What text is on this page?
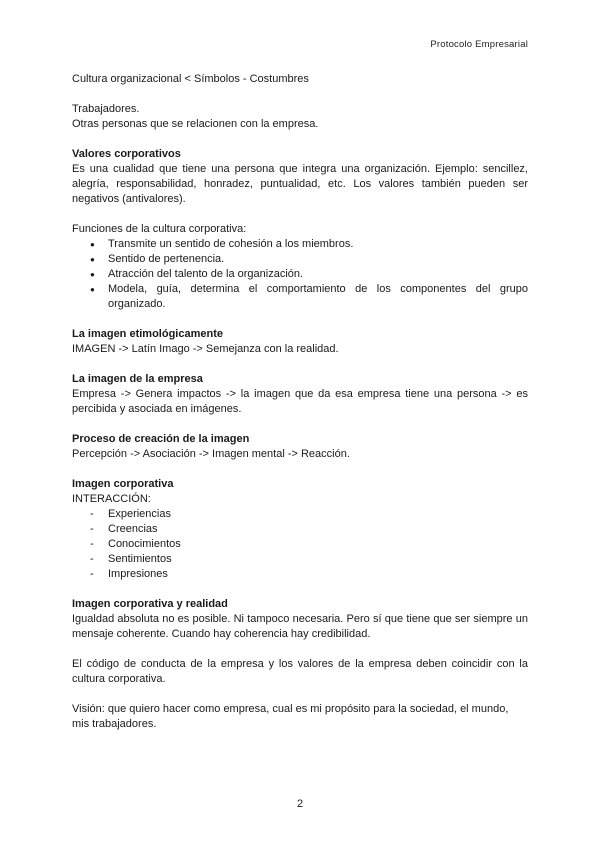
Protocolo Empresarial

Cultura organizacional < Símbolos - Costumbres

Trabajadores.

Otras personas que se relacionen con la empresa.

Valores corporativos

Es una cualidad que tiene una persona que integra una organización. Ejemplo: sencillez, alegría, responsabilidad, honradez, puntualidad, etc. Los valores también pueden ser negativos (antivalores).

Funciones de la cultura corporativa:

● Transmite un sentido de cohesión a los miembros.
● Sentido de pertenencia.
● Atracción del talento de la organización.
● Modela, guía, determina el comportamiento de los componentes del grupo organizado.

La imagen etimológicamente

IMAGEN -> Latín Imago -> Semejanza con la realidad.

La imagen de la empresa

Empresa -> Genera impactos -> la imagen que da esa empresa tiene una persona -> es percibida y asociada en imágenes.

Proceso de creación de la imagen

Percepción -> Asociación -> Imagen mental -> Reacción.

Imagen corporativa

INTERACCIÓN:

- Experiencias
- Creencias
- Conocimientos
- Sentimientos
- Impresiones

Imagen corporativa y realidad

Igualdad absoluta no es posible. Ni tampoco necesaria. Pero sí que tiene que ser siempre un mensaje coherente. Cuando hay coherencia hay credibilidad.

El código de conducta de la empresa y los valores de la empresa deben coincidir con la cultura corporativa.

Visión: que quiero hacer como empresa, cual es mi propósito para la sociedad, el mundo, mis trabajadores.

2
